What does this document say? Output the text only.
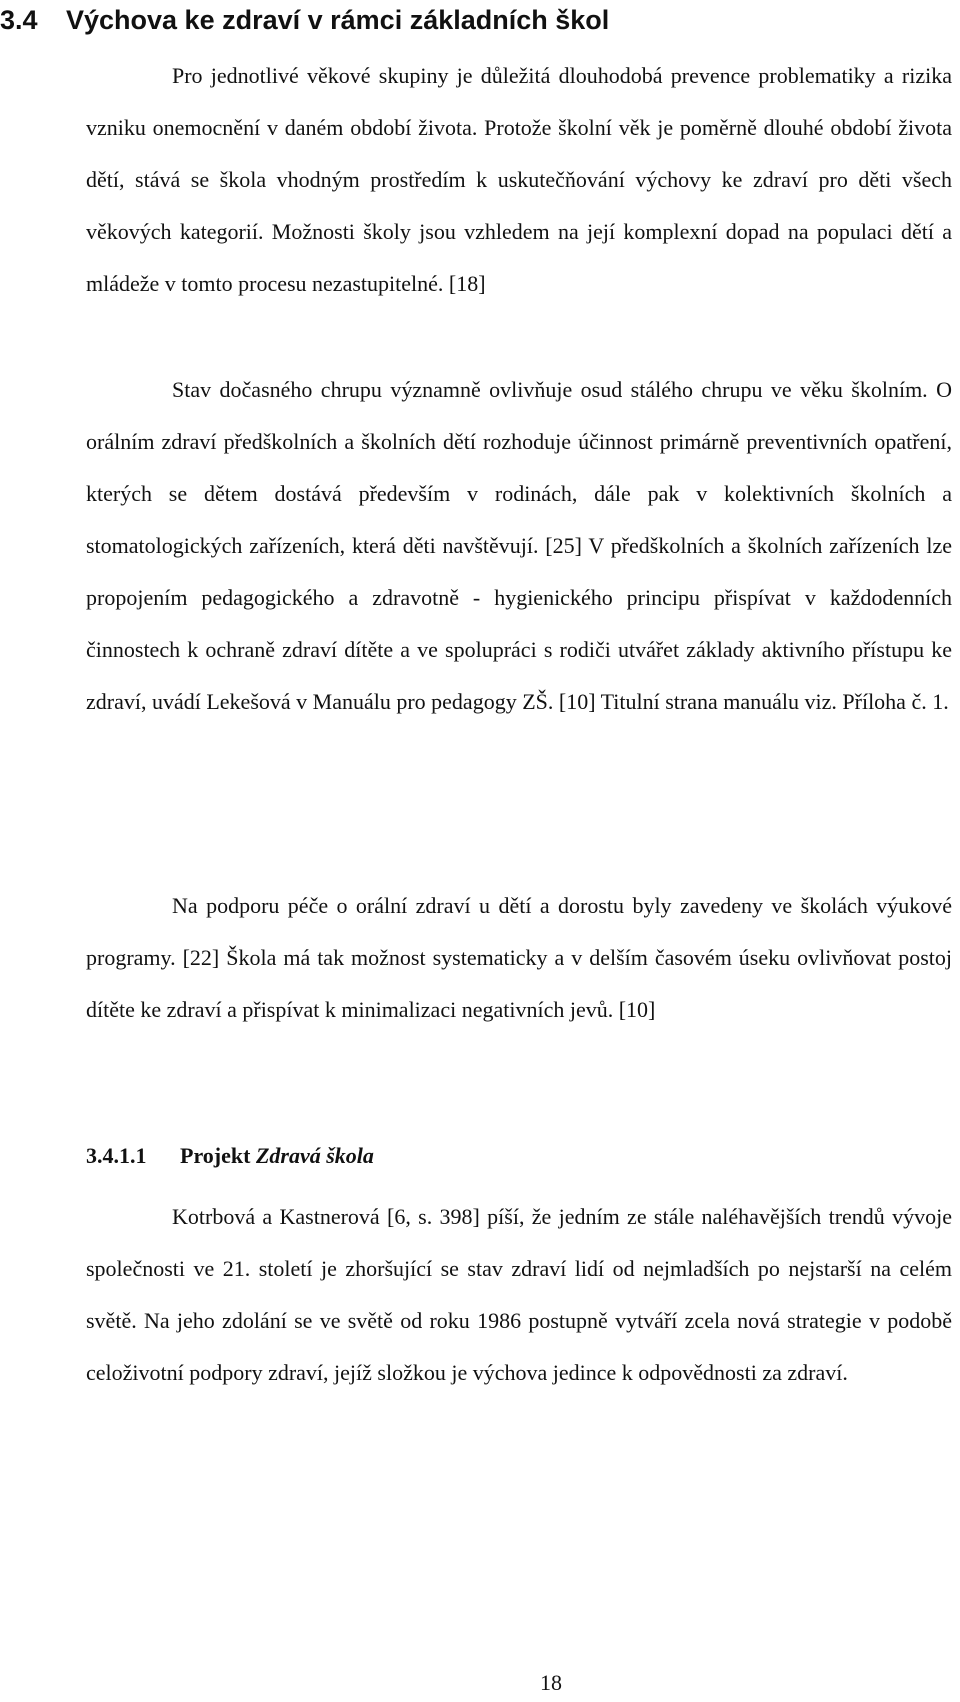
3.4 Výchova ke zdraví v rámci základních škol

Pro jednotlivé věkové skupiny je důležitá dlouhodobá prevence problematiky a rizika vzniku onemocnění v daném období života. Protože školní věk je poměrně dlouhé období života dětí, stává se škola vhodným prostředím k uskutečňování výchovy ke zdraví pro děti všech věkových kategorií. Možnosti školy jsou vzhledem na její komplexní dopad na populaci dětí a mládeže v tomto procesu nezastupitelné. [18]

Stav dočasného chrupu významně ovlivňuje osud stálého chrupu ve věku školním. O orálním zdraví předškolních a školních dětí rozhoduje účinnost primárně preventivních opatření, kterých se dětem dostává především v rodinách, dále pak v kolektivních školních a stomatologických zařízeních, která děti navštěvují. [25] V předškolních a školních zařízeních lze propojením pedagogického a zdravotně - hygienického principu přispívat v každodenních činnostech k ochraně zdraví dítěte a ve spolupráci s rodiči utvářet základy aktivního přístupu ke zdraví, uvádí Lekešová v Manuálu pro pedagogy ZŠ. [10] Titulní strana manuálu viz. Příloha č. 1.

Na podporu péče o orální zdraví u dětí a dorostu byly zavedeny ve školách výukové programy. [22] Škola má tak možnost systematicky a v delším časovém úseku ovlivňovat postoj dítěte ke zdraví a přispívat k minimalizaci negativních jevů. [10]

3.4.1.1 Projekt Zdravá škola

Kotrbová a Kastnerová [6, s. 398] píší, že jedním ze stále naléhavějších trendů vývoje společnosti ve 21. století je zhoršující se stav zdraví lidí od nejmladších po nejstarší na celém světě. Na jeho zdolání se ve světě od roku 1986 postupně vytváří zcela nová strategie v podobě celoživotní podpory zdraví, jejíž složkou je výchova jedince k odpovědnosti za zdraví.

18
